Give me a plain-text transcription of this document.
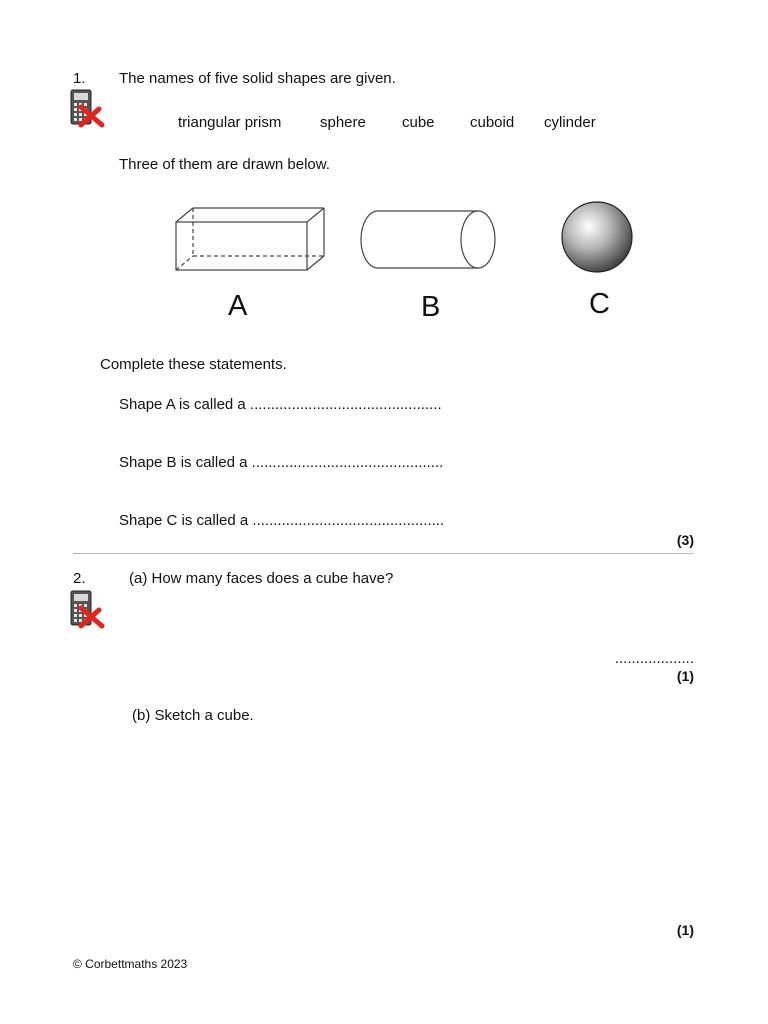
1. The names of five solid shapes are given.
triangular prism	sphere cube cuboid cylinder
Three of them are drawn below.
A	B	C
Complete these statements.
Shape A is called a ..............................................
Shape B is called a ..............................................
Shape C is called a ..............................................
(3)
2.	(a) How many faces does a cube have?
...................
(1)
(b) Sketch a cube.
(1)
© Corbettmaths 2023
